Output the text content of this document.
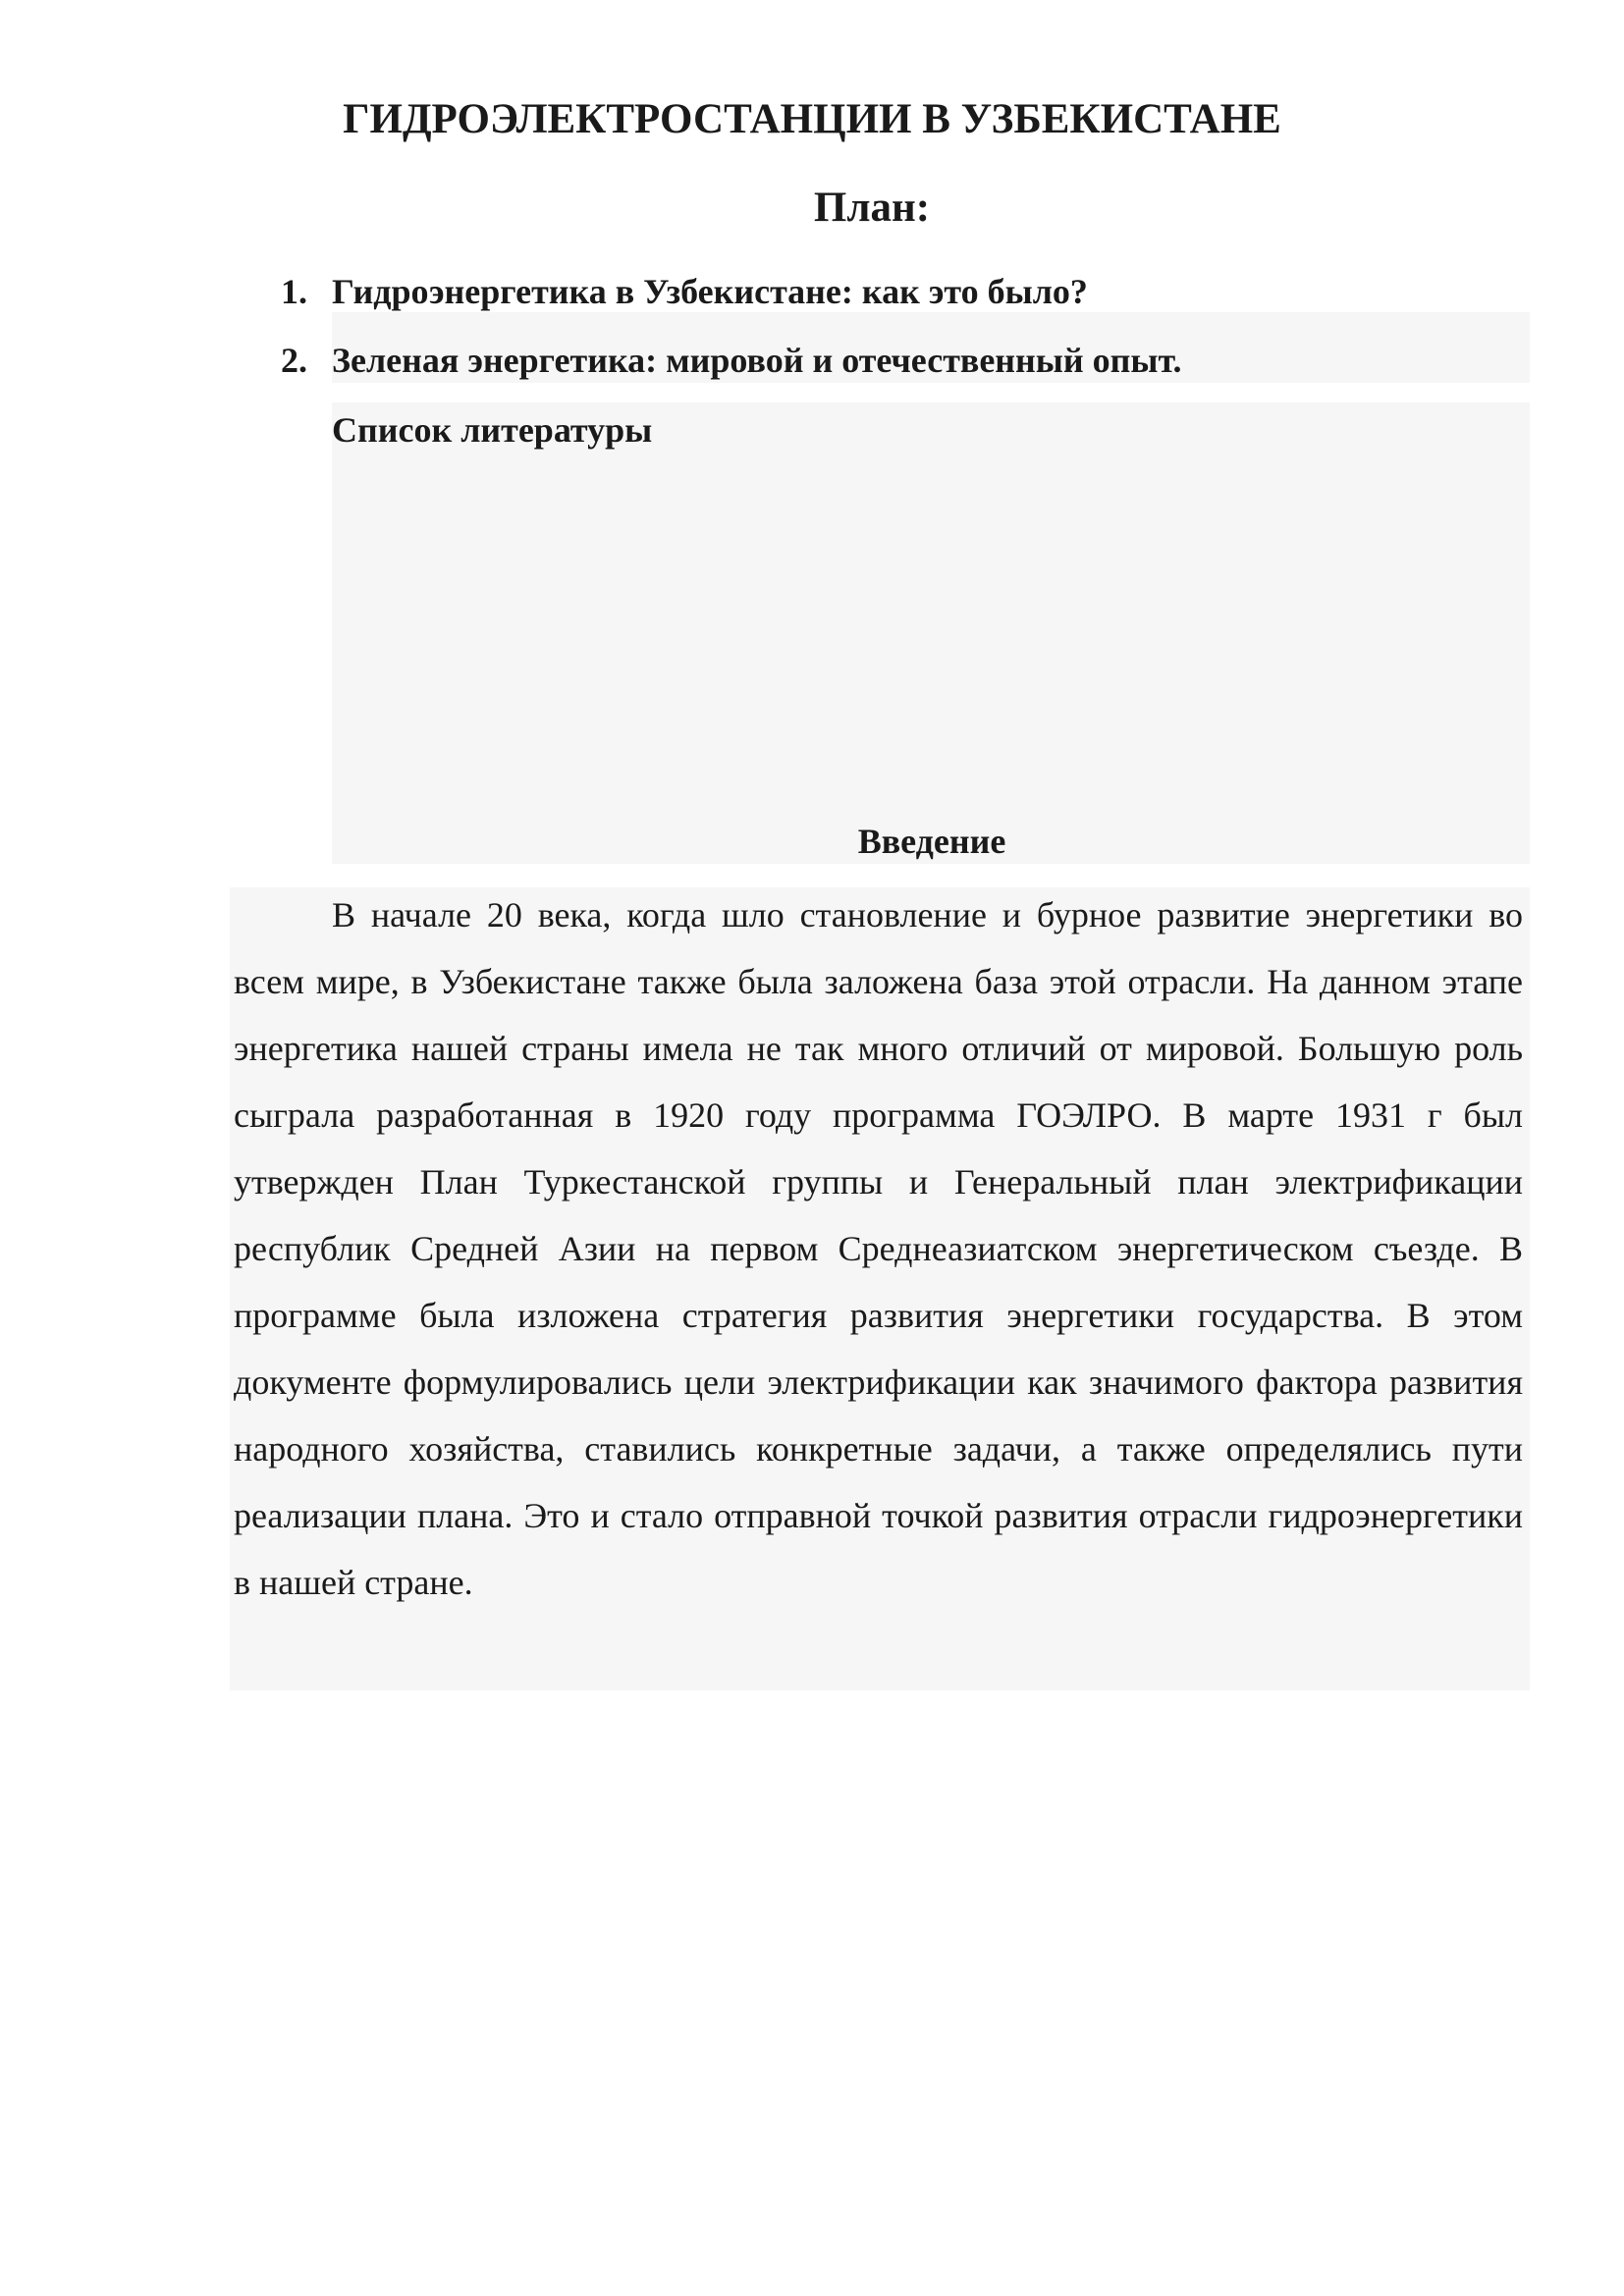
ГИДРОЭЛЕКТРОСТАНЦИИ В УЗБЕКИСТАНЕ
План:
1. Гидроэнергетика в Узбекистане: как это было?
2. Зеленая энергетика: мировой и отечественный опыт.
Список литературы
Введение

В начале 20 века, когда шло становление и бурное развитие энергетики во всем мире, в Узбекистане также была заложена база этой отрасли. На данном этапе энергетика нашей страны имела не так много отличий от мировой. Большую роль сыграла разработанная в 1920 году программа ГОЭЛРО. В марте 1931 г был утвержден План Туркестанской группы и Генеральный план электрификации республик Средней Азии на первом Среднеазиатском энергетическом съезде. В программе была изложена стратегия развития энергетики государства. В этом документе формулировались цели электрификации как значимого фактора развития народного хозяйства, ставились конкретные задачи, а также определялись пути реализации плана. Это и стало отправной точкой развития отрасли гидроэнергетики в нашей стране.
